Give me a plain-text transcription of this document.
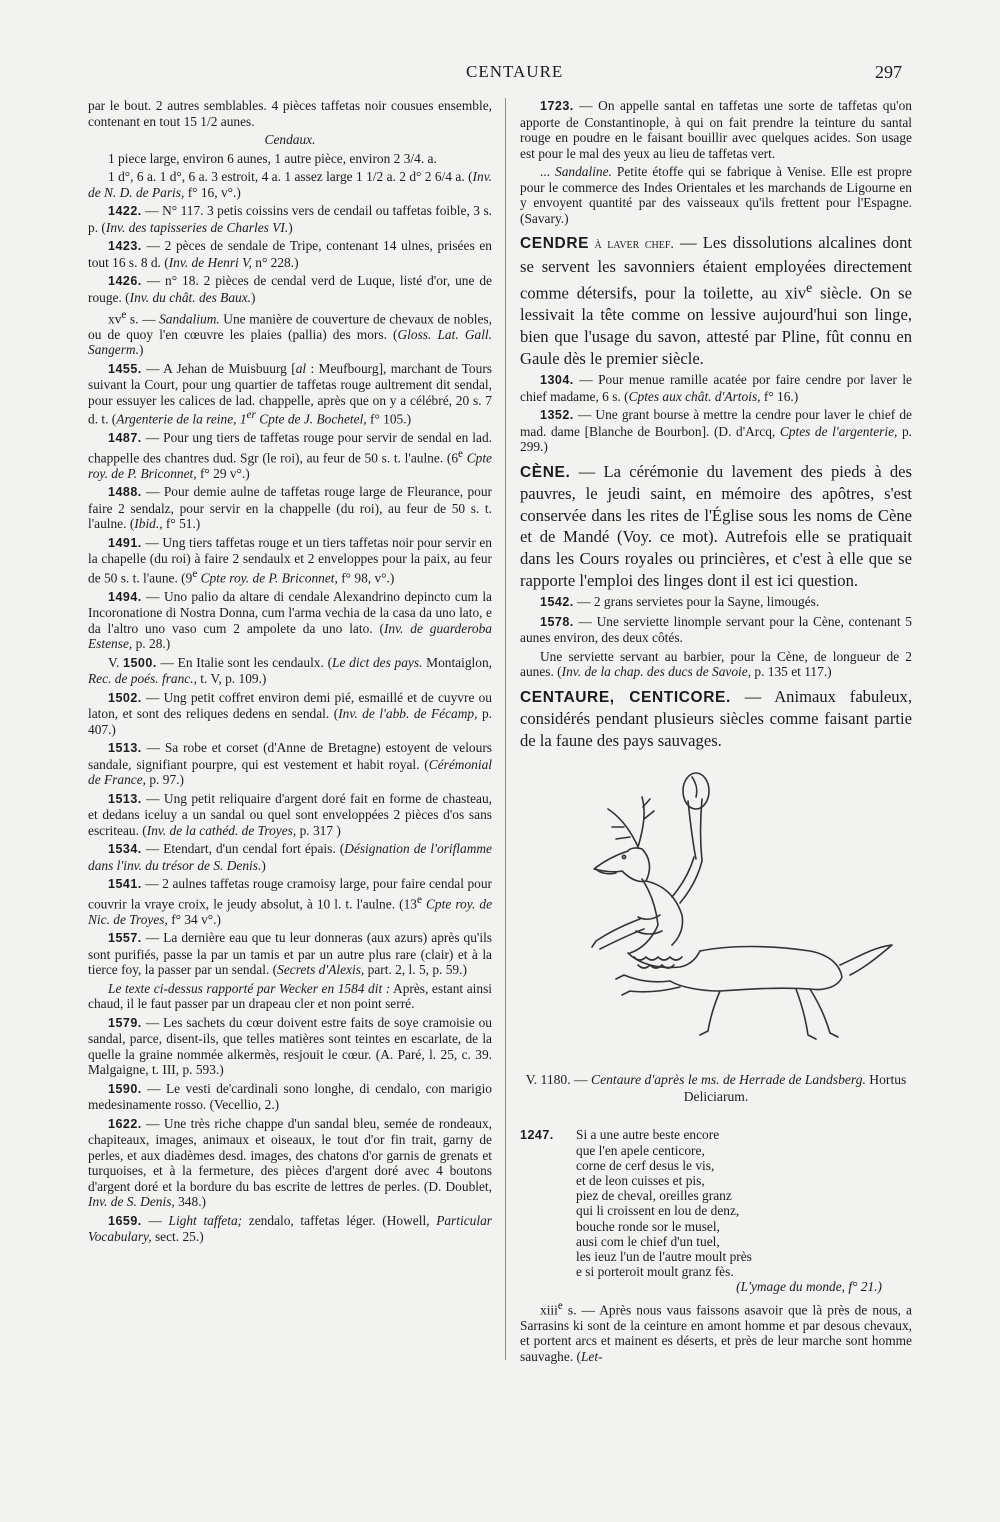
CENTAURE	297

par le bout. 2 autres semblables. 4 pièces taffetas noir cousues ensemble, contenant en tout 15 1/2 aunes.

Cendaux.

1 piece large, environ 6 aunes, 1 autre pièce, environ 2 3/4. a.

1 d°, 6 a. 1 d°, 6 a. 3 estroit, 4 a. 1 assez large 1 1/2 a. 2 d° 2 6/4 a. (Inv. de N. D. de Paris, f° 16, v°.)

1422. — N° 117. 3 petis coissins vers de cendail ou taffetas foible, 3 s. p. (Inv. des tapisseries de Charles VI.)

1423. — 2 pèces de sendale de Tripe, contenant 14 ulnes, prisées en tout 16 s. 8 d. (Inv. de Henri V, n° 228.)

1426. — n° 18. 2 pièces de cendal verd de Luque, listé d'or, une de rouge. (Inv. du chât. des Baux.)

$xv^e$ s. — Sandalium. Une manière de couverture de chevaux de nobles, ou de quoy l'en cœuvre les plaies (pallia) des mors. (Gloss. Lat. Gall. Sangerm.)

1455. — A Jehan de Muisbuurg [al : Meufbourg], marchant de Tours suivant la Court, pour ung quartier de taffetas rouge aultrement dit sendal, pour essuyer les calices de lad. chappelle, après que on y a célébré, 20 s. 7 d. t. (Argenterie de la reine, 1er Cpte de J. Bochetel, f° 105.)

1487. — Pour ung tiers de taffetas rouge pour servir de sendal en lad. chappelle des chantres dud. Sgr (le roi), au feur de 50 s. t. l'aulne. (6e Cpte roy. de P. Briconnet, f° 29 v°.)

1488. — Pour demie aulne de taffetas rouge large de Fleurance, pour faire 2 sendalz, pour servir en la chappelle (du roi), au feur de 50 s. t. l'aulne. (Ibid., f° 51.)

1491. — Ung tiers taffetas rouge et un tiers taffetas noir pour servir en la chapelle (du roi) à faire 2 sendaulx et 2 enveloppes pour la paix, au feur de 50 s. t. l'aune. (9e Cpte roy. de P. Briconnet, f° 98, v°.)

1494. — Uno palio da altare di cendale Alexandrino depincto cum la Incoronatione di Nostra Donna, cum l'arma vechia de la casa da uno lato, e da l'altro uno vaso cum 2 ampolete da uno lato. (Inv. de guarderoba Estense, p. 28.)

V. 1500. — En Italie sont les cendaulx. (Le dict des pays. Montaiglon, Rec. de poés. franc., t. V, p. 109.)

1502. — Ung petit coffret environ demi pié, esmaillé et de cuyvre ou laton, et sont des reliques dedens en sendal. (Inv. de l'abb. de Fécamp, p. 407.)

1513. — Sa robe et corset (d'Anne de Bretagne) estoyent de velours sandale, signifiant pourpre, qui est vestement et habit royal. (Cérémonial de France, p. 97.)

1513. — Ung petit reliquaire d'argent doré fait en forme de chasteau, et dedans iceluy a un sandal ou quel sont enveloppées 2 pièces d'os sans escriteau. (Inv. de la cathéd. de Troyes, p. 317 )

1534. — Etendart, d'un cendal fort épais. (Désignation de l'oriflamme dans l'inv. du trésor de S. Denis.)

1541. — 2 aulnes taffetas rouge cramoisy large, pour faire cendal pour couvrir la vraye croix, le jeudy absolut, à 10 l. t. l'aulne. (13e Cpte roy. de Nic. de Troyes, f° 34 v°.)

1557. — La dernière eau que tu leur donneras (aux azurs) après qu'ils sont purifiés, passe la par un tamis et par un autre plus rare (clair) et à la tierce foy, la passer par un sendal. (Secrets d'Alexis, part. 2, l. 5, p. 59.)

Le texte ci-dessus rapporté par Wecker en 1584 dit : Après, estant ainsi chaud, il le faut passer par un drapeau cler et non point serré.

1579. — Les sachets du cœur doivent estre faits de soye cramoisie ou sandal, parce, disent-ils, que telles matières sont teintes en escarlate, de la quelle la graine nommée alkermès, resjouit le cœur. (A. Paré, l. 25, c. 39. Malgaigne, t. III, p. 593.)

1590. — Le vesti de'cardinali sono longhe, di cendalo, con marigio medesinamente rosso. (Vecellio, 2.)

1622. — Une très riche chappe d'un sandal bleu, semée de rondeaux, chapiteaux, images, animaux et oiseaux, le tout d'or fin trait, garny de perles, et aux diadèmes desd. images, des chatons d'or garnis de grenats et turquoises, et à la fermeture, des pièces d'argent doré avec 4 boutons d'argent doré et la bordure du bas escrite de lettres de perles. (D. Doublet, Inv. de S. Denis, 348.)

1659. — Light taffeta; zendalo, taffetas léger. (Howell, Particular Vocabulary, sect. 25.)

1723. — On appelle santal en taffetas une sorte de taffetas qu'on apporte de Constantinople, à qui on fait prendre la teinture du santal rouge en poudre en le faisant bouillir avec quelques acides. Son usage est pour le mal des yeux au lieu de taffetas vert.

... Sandaline. Petite étoffe qui se fabrique à Venise. Elle est propre pour le commerce des Indes Orientales et les marchands de Ligourne en y envoyent quantité par des vaisseaux qu'ils frettent pour l'Espagne. (Savary.)

CENDRE à laver chef. — Les dissolutions alcalines dont se servent les savonniers étaient employées directement comme détersifs, pour la toilette, au xiv$^e$ siècle. On se lessivait la tête comme on lessive aujourd'hui son linge, bien que l'usage du savon, attesté par Pline, fût connu en Gaule dès le premier siècle.

1304. — Pour menue ramille acatée por faire cendre por laver le chief madame, 6 s. (Cptes aux chât. d'Artois, f° 16.)

1352. — Une grant bourse à mettre la cendre pour laver le chief de mad. dame [Blanche de Bourbon]. (D. d'Arcq, Cptes de l'argenterie, p. 299.)

CÈNE. — La cérémonie du lavement des pieds à des pauvres, le jeudi saint, en mémoire des apôtres, s'est conservée dans les rites de l'Église sous les noms de Cène et de Mandé (Voy. ce mot). Autrefois elle se pratiquait dans les Cours royales ou princières, et c'est à elle que se rapporte l'emploi des linges dont il est ici question.

1542. — 2 grans servietes pour la Sayne, limougés.

1578. — Une serviette linomple servant pour la Cène, contenant 5 aunes environ, des deux côtés.

Une serviette servant au barbier, pour la Cène, de longueur de 2 aunes. (Inv. de la chap. des ducs de Savoie, p. 135 et 117.)

CENTAURE, CENTICORE. — Animaux fabuleux, considérés pendant plusieurs siècles comme faisant partie de la faune des pays sauvages.

V. 1180. — Centaure d'après le ms. de Herrade de Landsberg. Hortus Deliciarum.

1247.	Si a une autre beste encore
que l'en apele centicore,
corne de cerf desus le vis,
et de leon cuisses et pis,
piez de cheval, oreilles granz
qui li croissent en lou de denz,
bouche ronde sor le musel,
ausi com le chief d'un tuel,
les ieuz l'un de l'autre moult près
e si porteroit moult granz fès.
(L'ymage du monde, f° 21.)

xiii$^e$ s. — Après nous vaus faissons asavoir que là près de nous, a Sarrasins ki sont de la ceinture en amont homme et par desous chevaux, et portent arcs et mainent es déserts, et près de leur marche sont homme sauvaghe. (Let-
